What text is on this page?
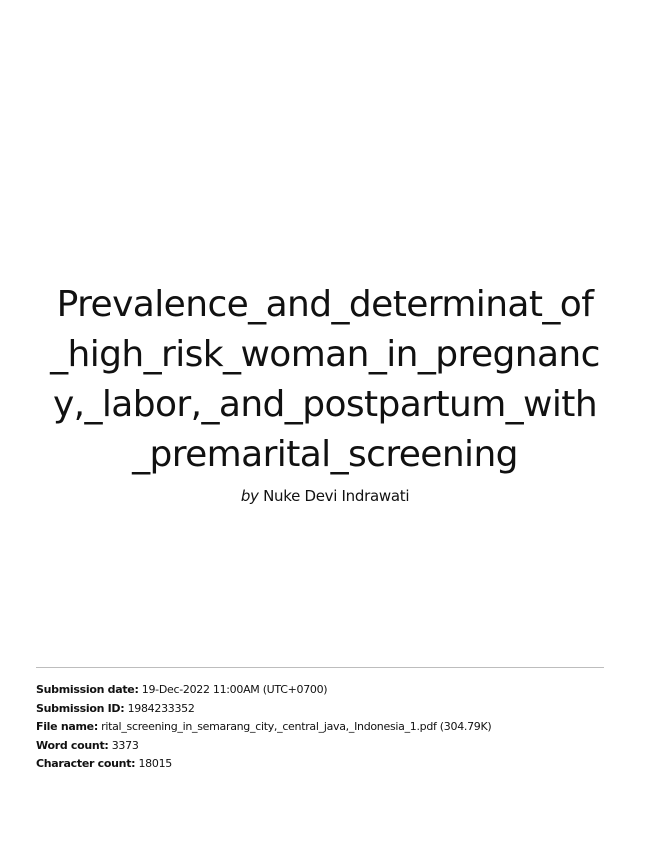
Prevalence_and_determinat_of
_high_risk_woman_in_pregnanc
y,_labor,_and_postpartum_with
_premarital_screening
by Nuke Devi Indrawati
Submission date: 19-Dec-2022 11:00AM (UTC+0700)
Submission ID: 1984233352
File name: rital_screening_in_semarang_city,_central_java,_Indonesia_1.pdf (304.79K)
Word count: 3373
Character count: 18015
